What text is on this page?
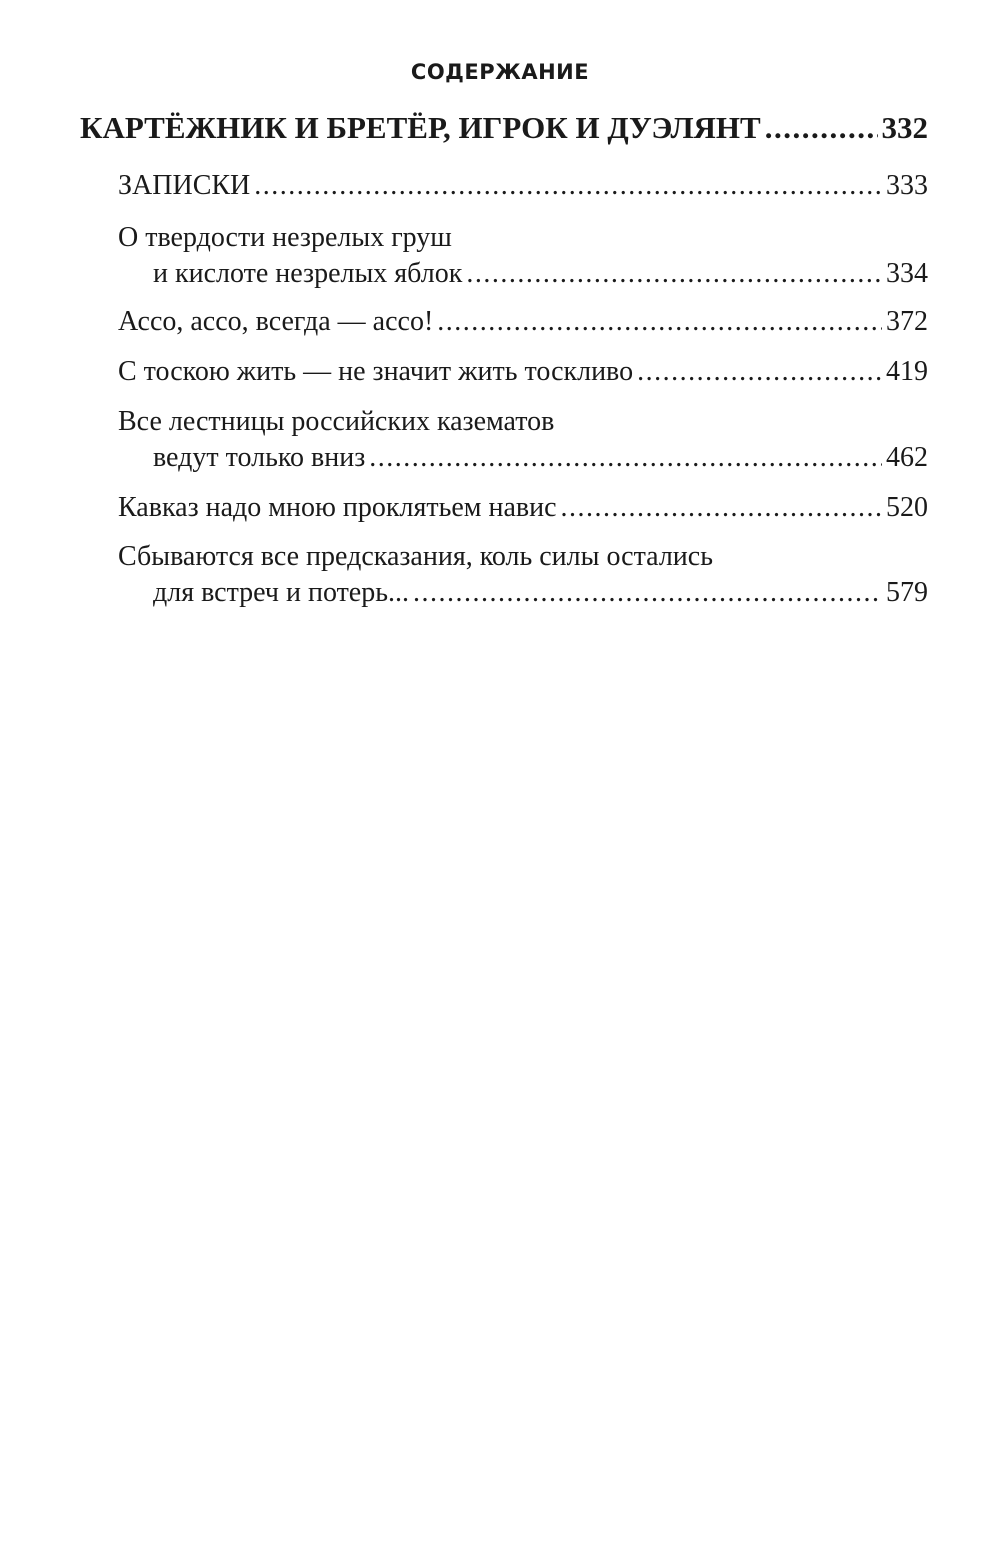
СОДЕРЖАНИЕ
КАРТЁЖНИК И БРЕТЁР, ИГРОК И ДУЭЛЯНТ .....	332
ЗАПИСКИ .....	333
О твердости незрелых груш
и кислоте незрелых яблок .....	334
Ассо, ассо, всегда — ассо! .....	372
С тоскою жить — не значит жить тоскливо .....	419
Все лестницы российских казематов
ведут только вниз .....	462
Кавказ надо мною проклятьем навис .....	520
Сбываются все предсказания, коль силы остались
для встреч и потерь... .....	579
